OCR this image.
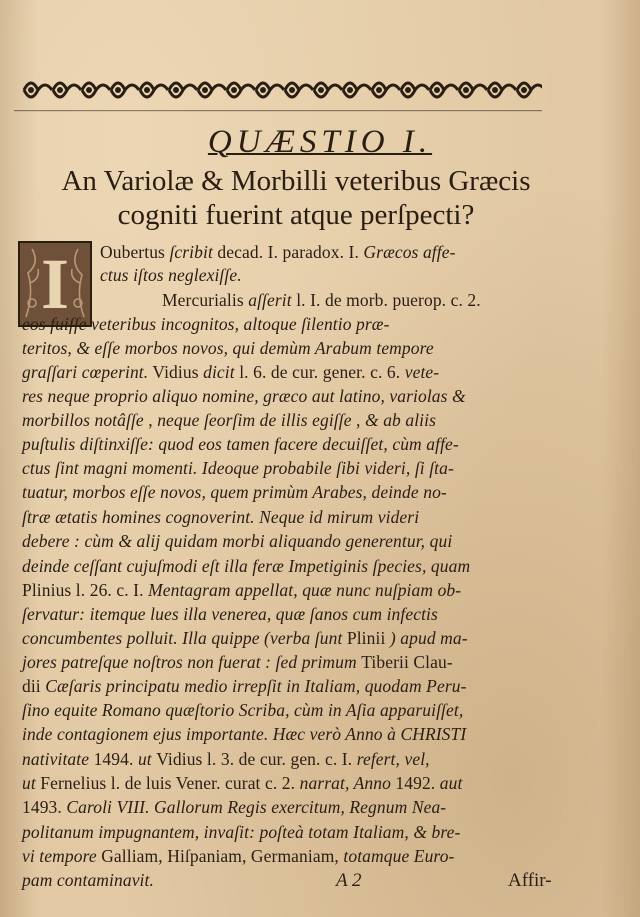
QUÆSTIO I.
An Variolæ & Morbilli veteribus Græcis
cogniti fuerint atque perſpecti?
I Oubertus ſcribit decad. I. paradox. I. Græcos affe-
ctus iſtos neglexiſſe.
Mercurialis aſſerit l. I. de morb. puerор. c. 2.
eos fuiſſe veteribus incognitos, altoque ſilentio præ-
teritos, & eſſe morbos novos, qui demùm Arabum tempore
graſſari cœperint. Vidius dicit l. 6. de cur. gener. c. 6. vete-
res neque proprio aliquo nomine, græco aut latino, variolas &
morbillos notâſſe , neque ſeorſim de illis egiſſe , & ab aliis
puſtulis diſtinxiſſe: quod eos tamen facere decuiſſet, cùm affe-
ctus ſint magni momenti. Ideoque probabile ſibi videri, ſi ſta-
tuatur, morbos eſſe novos, quem primùm Arabes, deinde no-
ſtræ ætatis homines cognoverint. Neque id mirum videri
debere : cùm & alij quidam morbi aliquando generentur, qui
deinde ceſſant cujuſmodi eſt illa feræ Impetiginis ſpecies, quam
Plinius l. 26. c. I. Mentagram appellat, quæ nunc nuſpiam ob-
ſervatur: itemque lues illa venerea, quæ ſanos cum infectis
concumbentes polluit. Illa quippe (verba ſunt Plinii ) apud ma-
jores patreſque noſtros non fuerat : ſed primum Tiberii Clau-
dii Cæſaris principatu medio irrepſit in Italiam, quodam Peru-
ſino equite Romano quæſtorio Scriba, cùm in Aſia apparuiſſet,
inde contagionem ejus importante. Hæc verò Anno à CHRISTI
nativitate 1494. ut Vidius l. 3. de cur. gen. c. I. refert, vel,
ut Fernelius l. de luis Vener. curat c. 2. narrat, Anno 1492. aut
1493. Caroli VIII. Gallorum Regis exercitum, Regnum Nea-
politanum impugnantem, invaſit: poſteà totam Italiam, & bre-
vi tempore Galliam, Hiſpaniam, Germaniam, totamque Euro-
pam contaminavit.	A 2	Affir-
